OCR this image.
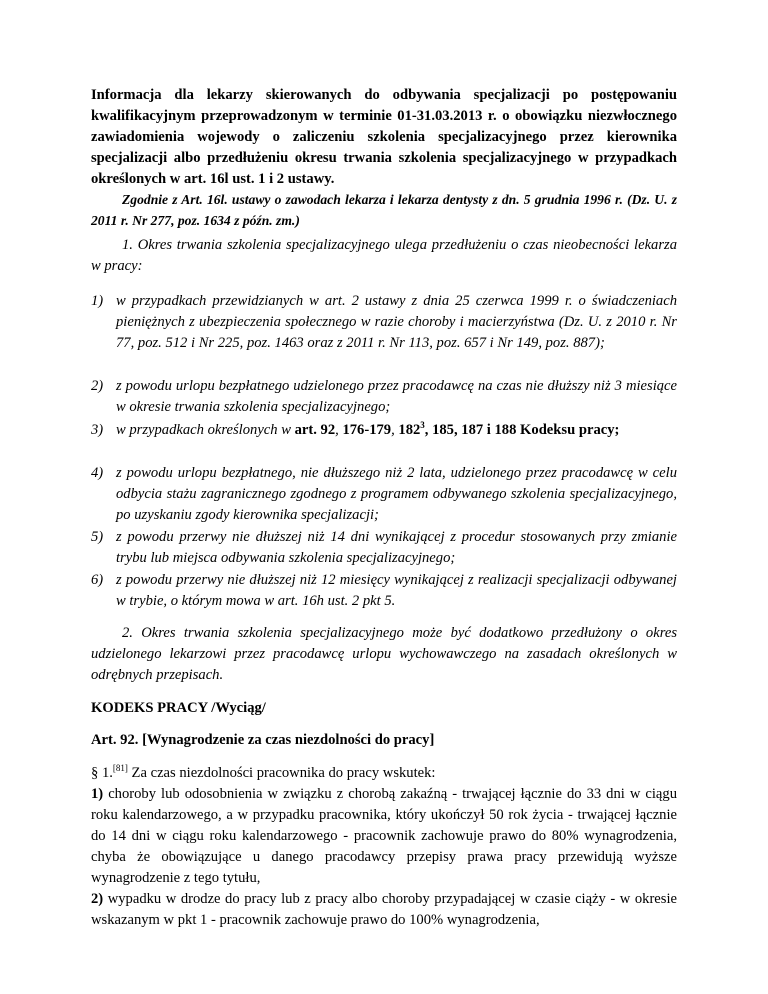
Informacja dla lekarzy skierowanych do odbywania specjalizacji po postępowaniu kwalifikacyjnym przeprowadzonym w terminie 01-31.03.2013 r. o obowiązku niezwłocznego zawiadomienia wojewody o zaliczeniu szkolenia specjalizacyjnego przez kierownika specjalizacji albo przedłużeniu okresu trwania szkolenia specjalizacyjnego w przypadkach określonych w art. 16l ust. 1 i 2 ustawy.
Zgodnie z Art. 16l. ustawy o zawodach lekarza i lekarza dentysty z dn. 5 grudnia 1996 r. (Dz. U. z 2011 r. Nr 277, poz. 1634 z późn. zm.)
1. Okres trwania szkolenia specjalizacyjnego ulega przedłużeniu o czas nieobecności lekarza w pracy:
1) w przypadkach przewidzianych w art. 2 ustawy z dnia 25 czerwca 1999 r. o świadczeniach pieniężnych z ubezpieczenia społecznego w razie choroby i macierzyństwa (Dz. U. z 2010 r. Nr 77, poz. 512 i Nr 225, poz. 1463 oraz z 2011 r. Nr 113, poz. 657 i Nr 149, poz. 887);
2) z powodu urlopu bezpłatnego udzielonego przez pracodawcę na czas nie dłuższy niż 3 miesiące w okresie trwania szkolenia specjalizacyjnego;
3) w przypadkach określonych w art. 92, 176-179, $182^3$, 185, 187 i 188 Kodeksu pracy;
4) z powodu urlopu bezpłatnego, nie dłuższego niż 2 lata, udzielonego przez pracodawcę w celu odbycia stażu zagranicznego zgodnego z programem odbywanego szkolenia specjalizacyjnego, po uzyskaniu zgody kierownika specjalizacji;
5) z powodu przerwy nie dłuższej niż 14 dni wynikającej z procedur stosowanych przy zmianie trybu lub miejsca odbywania szkolenia specjalizacyjnego;
6) z powodu przerwy nie dłuższej niż 12 miesięcy wynikającej z realizacji specjalizacji odbywanej w trybie, o którym mowa w art. 16h ust. 2 pkt 5.
2. Okres trwania szkolenia specjalizacyjnego może być dodatkowo przedłużony o okres udzielonego lekarzowi przez pracodawcę urlopu wychowawczego na zasadach określonych w odrębnych przepisach.
KODEKS PRACY /Wyciąg/
Art. 92. [Wynagrodzenie za czas niezdolności do pracy]
§ 1.[81] Za czas niezdolności pracownika do pracy wskutek:
1) choroby lub odosobnienia w związku z chorobą zakaźną - trwającej łącznie do 33 dni w ciągu roku kalendarzowego, a w przypadku pracownika, który ukończył 50 rok życia - trwającej łącznie do 14 dni w ciągu roku kalendarzowego - pracownik zachowuje prawo do 80% wynagrodzenia, chyba że obowiązujące u danego pracodawcy przepisy prawa pracy przewidują wyższe wynagrodzenie z tego tytułu,
2) wypadku w drodze do pracy lub z pracy albo choroby przypadającej w czasie ciąży - w okresie wskazanym w pkt 1 - pracownik zachowuje prawo do 100% wynagrodzenia,
